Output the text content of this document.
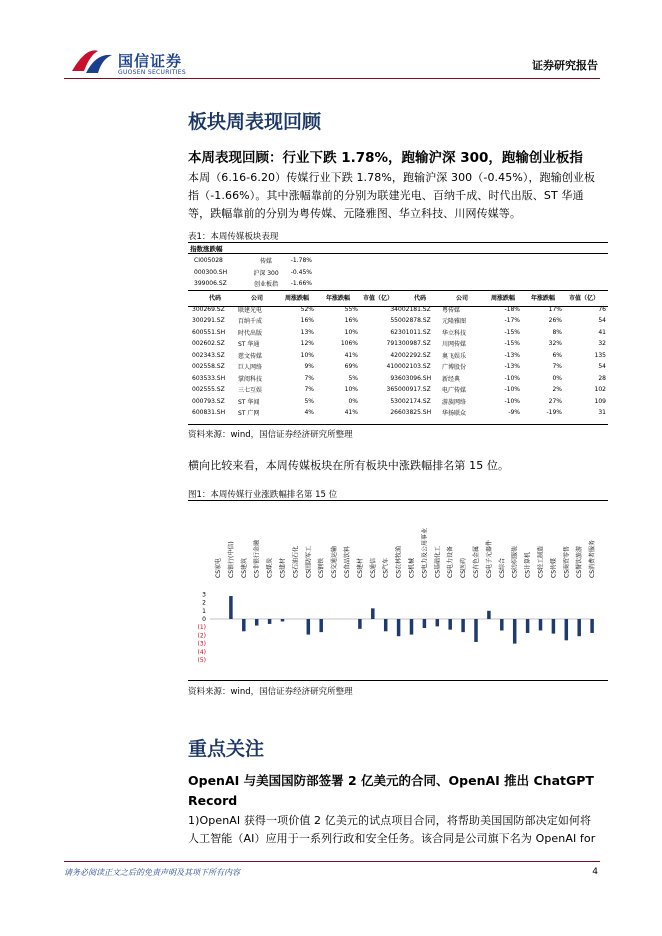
国信证券
GUOSEN SECURITIES
证券研究报告
板块周表现回顾
本周表现回顾：行业下跌 1.78%，跑输沪深 300，跑输创业板指
本周（6.16-6.20）传媒行业下跌 1.78%，跑输沪深 300（-0.45%），跑输创业板
指（-1.66%）。其中涨幅靠前的分别为联建光电、百纳千成、时代出版、ST 华通
等，跌幅靠前的分别为粤传媒、元隆雅图、华立科技、川网传媒等。
表1：本周传媒板块表现
指数涨跌幅
CI005028	传媒	-1.78%
000300.SH	沪深 300	-0.45%
399006.SZ	创业板指	-1.66%
代码	公司	周涨跌幅	年涨跌幅	市值（亿）	代码	公司	周涨跌幅	年涨跌幅	市值（亿）
300269.SZ	联建光电	52%	55%	34	002181.SZ	粤传媒	-18%	17%	76
300291.SZ	百纳千成	16%	16%	55	002878.SZ	元隆雅图	-17%	26%	54
600551.SH	时代出版	13%	10%	62	301011.SZ	华立科技	-15%	8%	41
002602.SZ	ST 华通	12%	106%	791	300987.SZ	川网传媒	-15%	32%	32
002343.SZ	慈文传媒	10%	41%	42	002292.SZ	奥飞娱乐	-13%	6%	135
002558.SZ	巨人网络	9%	69%	410	002103.SZ	广博股份	-13%	7%	54
603533.SH	掌阅科技	7%	5%	93	603096.SH	新经典	-10%	0%	28
002555.SZ	三七互娱	7%	10%	365	000917.SZ	电广传媒	-10%	2%	102
000793.SZ	ST 华闻	5%	0%	53	002174.SZ	游族网络	-10%	27%	109
600831.SH	ST 广网	4%	41%	26	603825.SH	华扬联众	-9%	-19%	31
资料来源：wind，国信证券经济研究所整理
横向比较来看，本周传媒板块在所有板块中涨跌幅排名第 15 位。
图1：本周传媒行业涨跌幅排名第 15 位
3
2
1
0
(1)
(2)
(3)
(4)
(5)
CS家电 CS银行(中信) CS建筑 CS非银行金融 CS煤炭 CS建材 CS石油石化 CS国防军工 CS钢铁 CS交通运输 CS食品饮料 CS建材 CS通信 CS汽车 CS农林牧渔 CS机械 CS电力及公用事业 CS基础化工 CS电力设备 CS医药 CS有色金属 CS电子元器件 CS综合 CS纺织服装 CS计算机 CS轻工制造 CS传媒 CS商贸零售 CS餐饮旅游 CS消费者服务
资料来源：wind，国信证券经济研究所整理
重点关注
OpenAI 与美国国防部签署 2 亿美元的合同、OpenAI 推出 ChatGPT
Record
1)OpenAI 获得一项价值 2 亿美元的试点项目合同，将帮助美国国防部决定如何将
人工智能（AI）应用于一系列行政和安全任务。该合同是公司旗下名为 OpenAI for
请务必阅读正文之后的免责声明及其项下所有内容	4
